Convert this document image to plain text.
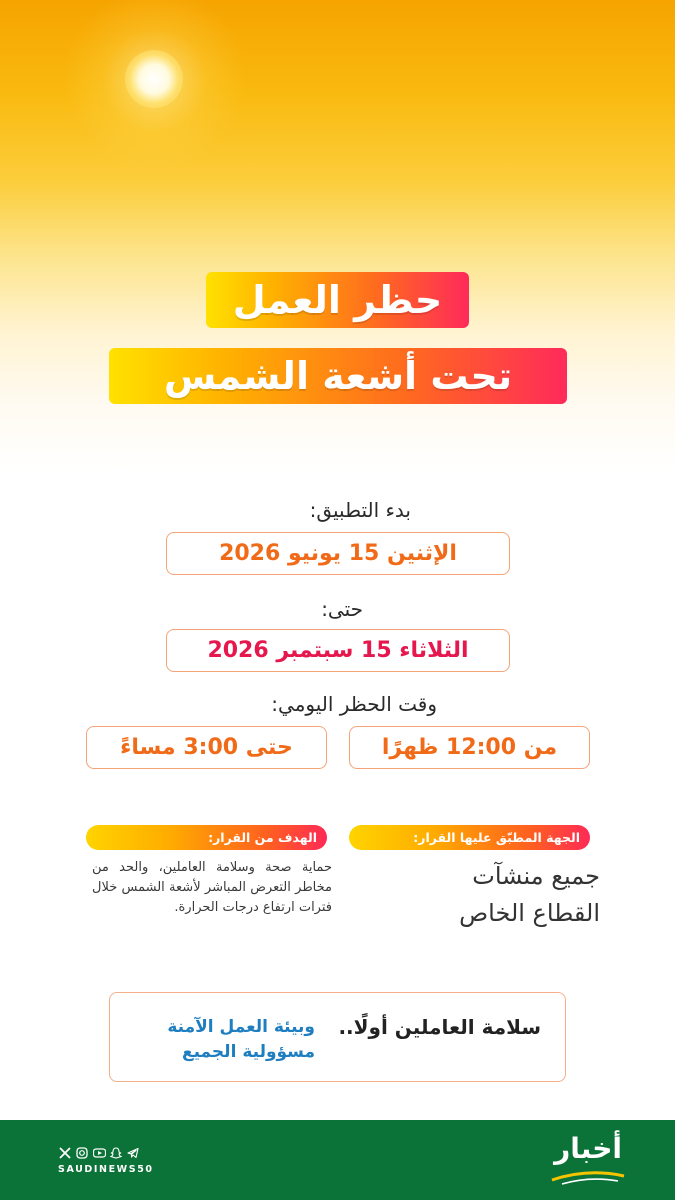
حظر العمل
تحت أشعة الشمس
بدء التطبيق:
الإثنين 15 يونيو 2026
حتى:
الثلاثاء 15 سبتمبر 2026
وقت الحظر اليومي:
من 12:00 ظهرًا
حتى 3:00 مساءً
الجهة المطبّق عليها القرار:
الهدف من القرار:
جميع منشآت
القطاع الخاص
حماية صحة وسلامة العاملين، والحد من مخاطر التعرض المباشر لأشعة الشمس خلال فترات ارتفاع درجات الحرارة.
سلامة العاملين أولًا..
وبيئة العمل الآمنة
مسؤولية الجميع
SAUDINEWS50
أخبار
